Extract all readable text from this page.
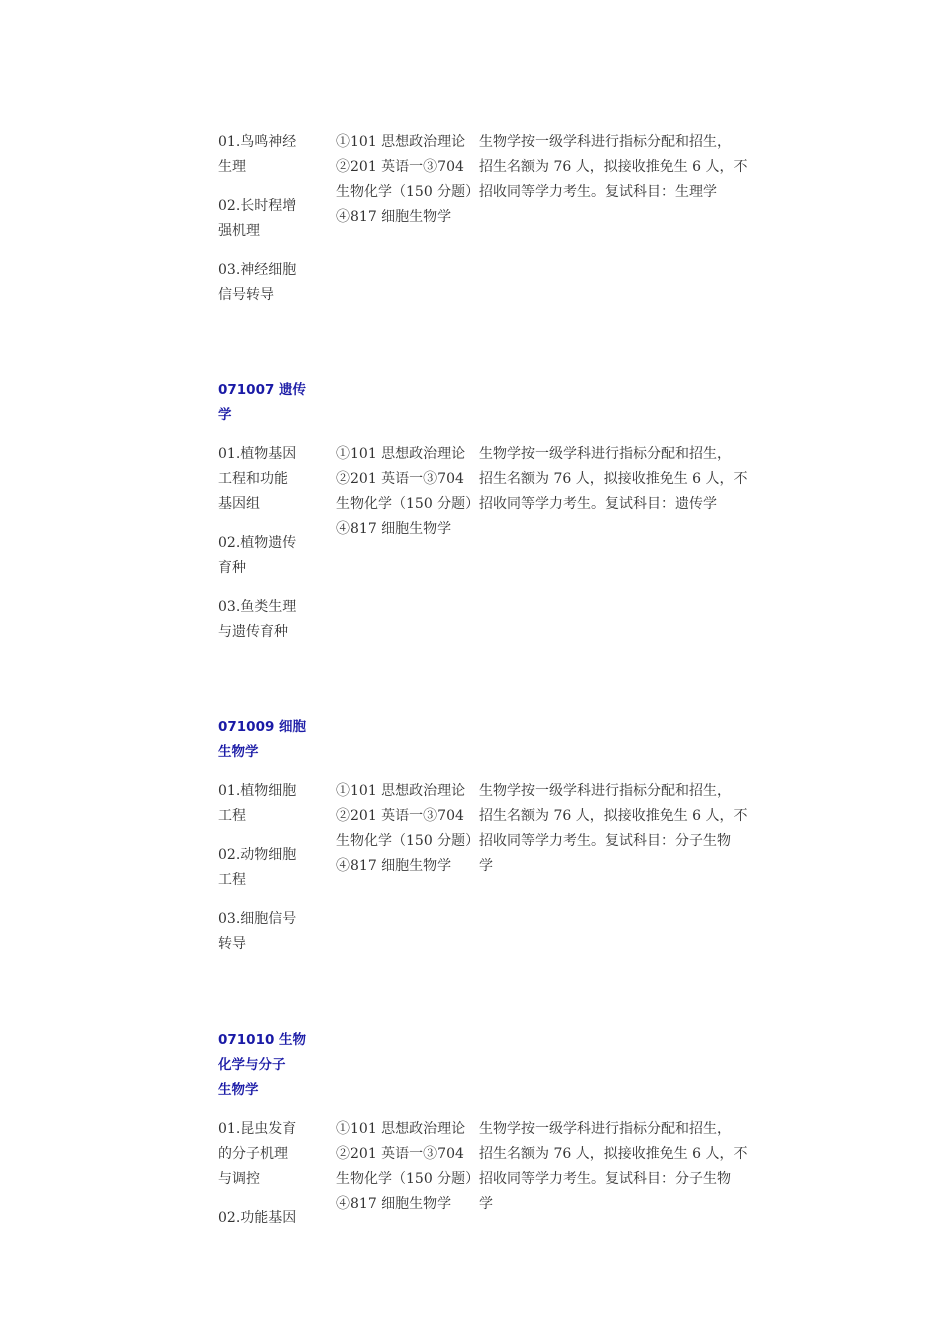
01.鸟鸣神经
生理
02.长时程增
强机理
03.神经细胞
信号转导
①101 思想政治理论
②201 英语一③704
生物化学（150 分题）
④817 细胞生物学
生物学按一级学科进行指标分配和招生，
招生名额为 76 人，拟接收推免生 6 人，不
招收同等学力考生。复试科目：生理学
071007 遗传
学
01.植物基因
工程和功能
基因组
02.植物遗传
育种
03.鱼类生理
与遗传育种
①101 思想政治理论
②201 英语一③704
生物化学（150 分题）
④817 细胞生物学
生物学按一级学科进行指标分配和招生，
招生名额为 76 人，拟接收推免生 6 人，不
招收同等学力考生。复试科目：遗传学
071009 细胞
生物学
01.植物细胞
工程
02.动物细胞
工程
03.细胞信号
转导
①101 思想政治理论
②201 英语一③704
生物化学（150 分题）
④817 细胞生物学
生物学按一级学科进行指标分配和招生，
招生名额为 76 人，拟接收推免生 6 人，不
招收同等学力考生。复试科目：分子生物
学
071010 生物
化学与分子
生物学
01.昆虫发育
的分子机理
与调控
02.功能基因
①101 思想政治理论
②201 英语一③704
生物化学（150 分题）
④817 细胞生物学
生物学按一级学科进行指标分配和招生，
招生名额为 76 人，拟接收推免生 6 人，不
招收同等学力考生。复试科目：分子生物
学
